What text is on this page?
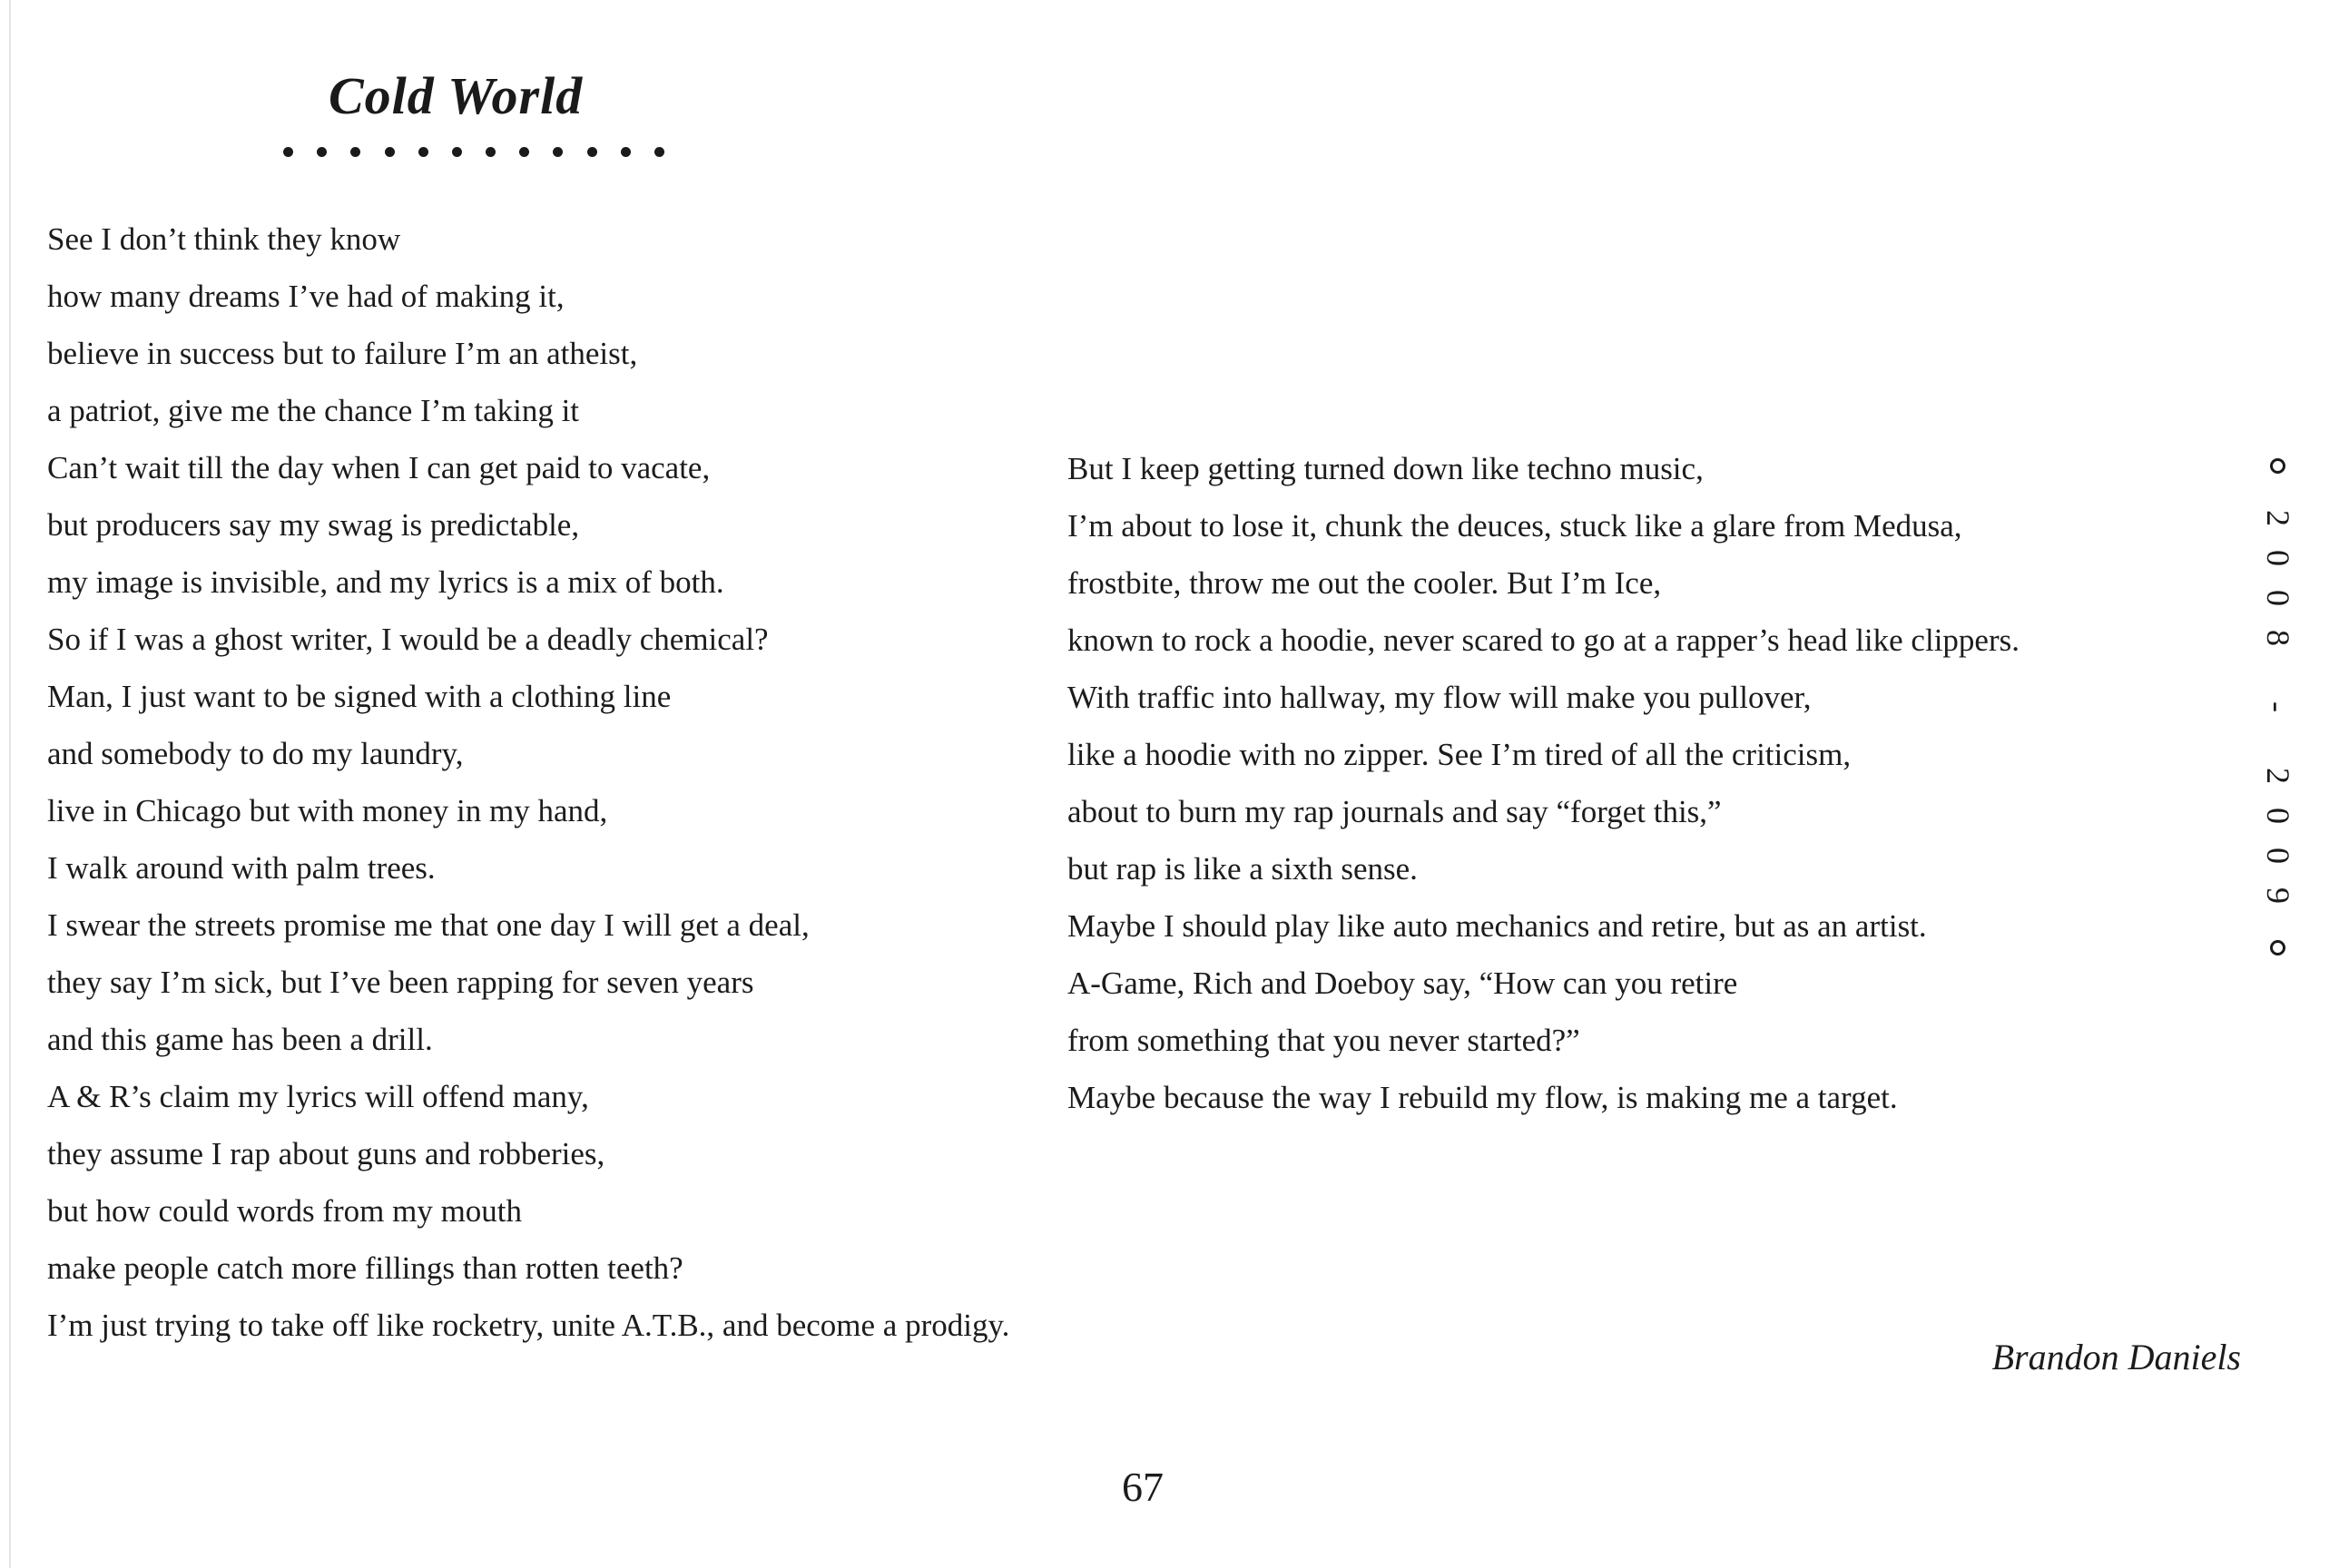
Cold World
See I don’t think they know
how many dreams I’ve had of making it,
believe in success but to failure I’m an atheist,
a patriot, give me the chance I’m taking it
Can’t wait till the day when I can get paid to vacate,
but producers say my swag is predictable,
my image is invisible, and my lyrics is a mix of both.
So if I was a ghost writer, I would be a deadly chemical?
Man, I just want to be signed with a clothing line
and somebody to do my laundry,
live in Chicago but with money in my hand,
I walk around with palm trees.
I swear the streets promise me that one day I will get a deal,
they say I’m sick, but I’ve been rapping for seven years
and this game has been a drill.
A & R’s claim my lyrics will offend many,
they assume I rap about guns and robberies,
but how could words from my mouth
make people catch more fillings than rotten teeth?
I’m just trying to take off like rocketry, unite A.T.B., and become a prodigy.
But I keep getting turned down like techno music,
I’m about to lose it, chunk the deuces, stuck like a glare from Medusa,
frostbite, throw me out the cooler. But I’m Ice,
known to rock a hoodie, never scared to go at a rapper’s head like clippers.
With traffic into hallway, my flow will make you pullover,
like a hoodie with no zipper. See I’m tired of all the criticism,
about to burn my rap journals and say “forget this,”
but rap is like a sixth sense.
Maybe I should play like auto mechanics and retire, but as an artist.
A-Game, Rich and Doeboy say, “How can you retire
from something that you never started?”
Maybe because the way I rebuild my flow, is making me a target.
2008 - 2009
Brandon Daniels
67
